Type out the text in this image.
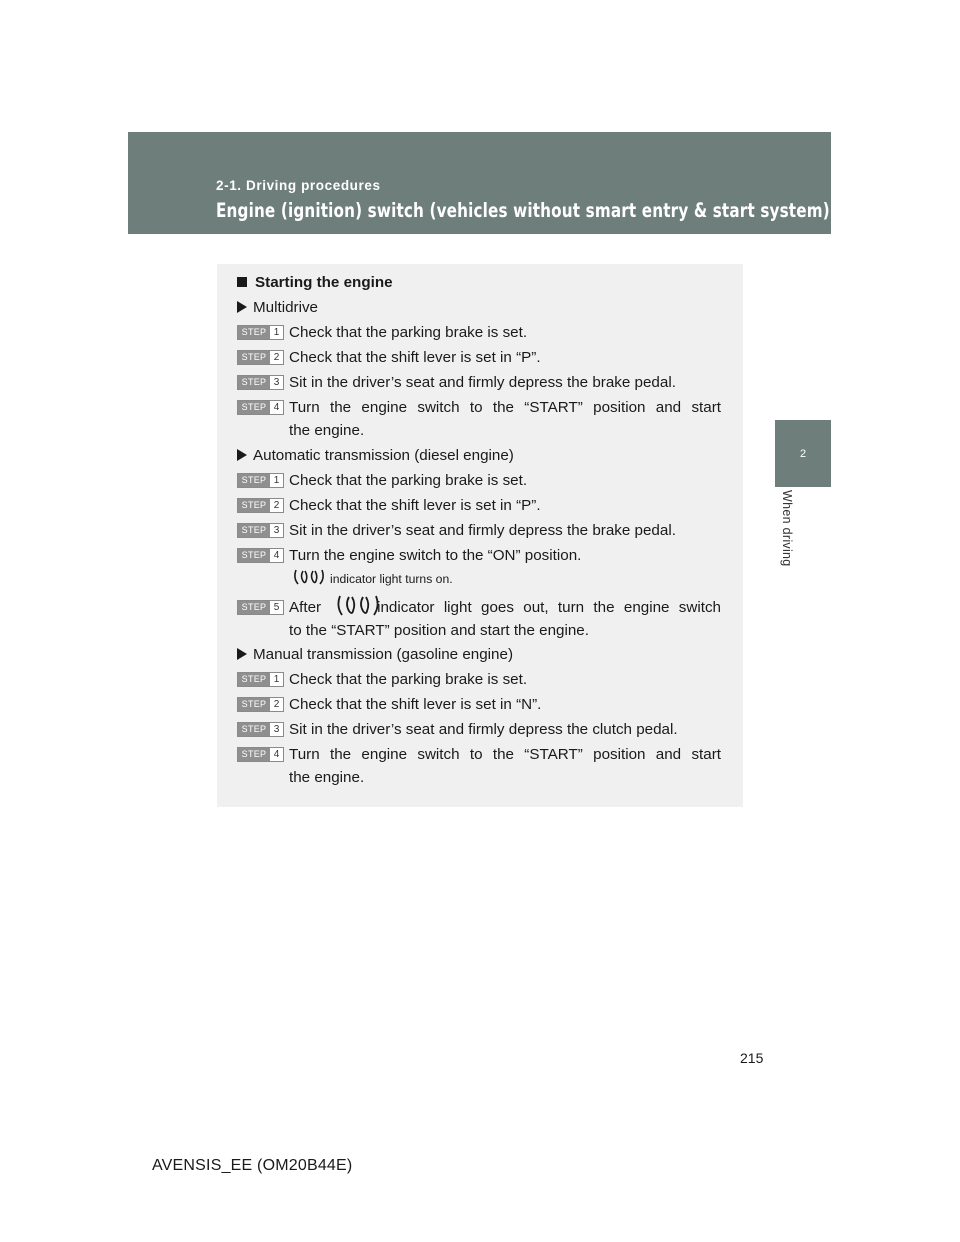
2-1. Driving procedures
Engine (ignition) switch (vehicles without smart entry & start system)
2
When driving
Starting the engine
Multidrive
STEP 1 Check that the parking brake is set.
STEP 2 Check that the shift lever is set in “P”.
STEP 3 Sit in the driver’s seat and firmly depress the brake pedal.
STEP 4 Turn the engine switch to the “START” position and start
the engine.
Automatic transmission (diesel engine)
STEP 1 Check that the parking brake is set.
STEP 2 Check that the shift lever is set in “P”.
STEP 3 Sit in the driver’s seat and firmly depress the brake pedal.
STEP 4 Turn the engine switch to the “ON” position.
indicator light turns on.
STEP 5 After	indicator light goes out, turn the engine switch
to the “START” position and start the engine.
Manual transmission (gasoline engine)
STEP 1 Check that the parking brake is set.
STEP 2 Check that the shift lever is set in “N”.
STEP 3 Sit in the driver’s seat and firmly depress the clutch pedal.
STEP 4 Turn the engine switch to the “START” position and start
the engine.
215
AVENSIS_EE (OM20B44E)
